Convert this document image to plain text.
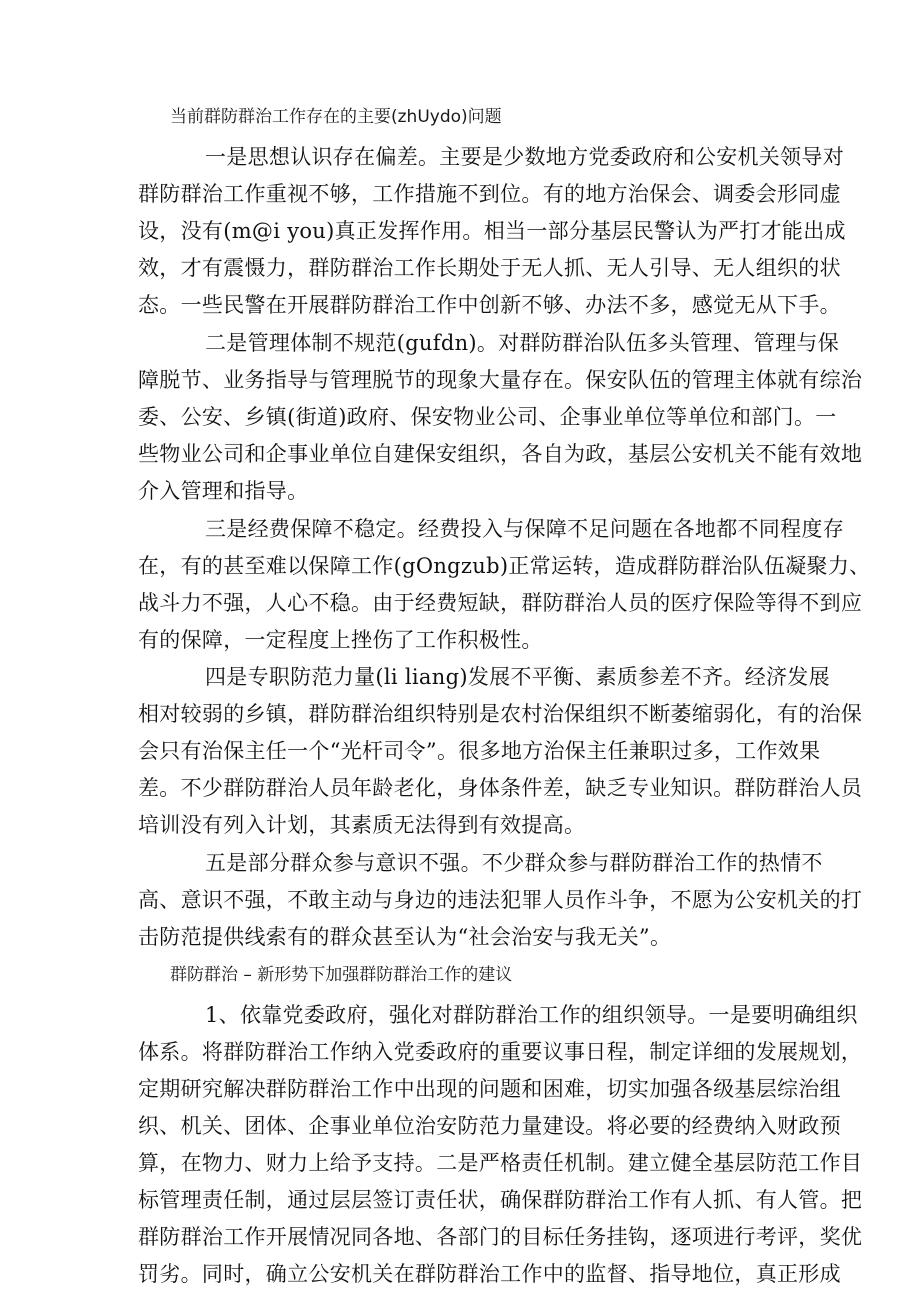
当前群防群治工作存在的主要(zhUydo)问题
一是思想认识存在偏差。主要是少数地方党委政府和公安机关领导对
群防群治工作重视不够，工作措施不到位。有的地方治保会、调委会形同虚
设，没有(m@i you)真正发挥作用。相当一部分基层民警认为严打才能出成
效，才有震慑力，群防群治工作长期处于无人抓、无人引导、无人组织的状
态。一些民警在开展群防群治工作中创新不够、办法不多，感觉无从下手。
二是管理体制不规范(gufdn)。对群防群治队伍多头管理、管理与保
障脱节、业务指导与管理脱节的现象大量存在。保安队伍的管理主体就有综治
委、公安、乡镇(街道)政府、保安物业公司、企事业单位等单位和部门。一
些物业公司和企事业单位自建保安组织，各自为政，基层公安机关不能有效地
介入管理和指导。
三是经费保障不稳定。经费投入与保障不足问题在各地都不同程度存
在，有的甚至难以保障工作(gOngzub)正常运转，造成群防群治队伍凝聚力、
战斗力不强，人心不稳。由于经费短缺，群防群治人员的医疗保险等得不到应
有的保障，一定程度上挫伤了工作积极性。
四是专职防范力量(li liang)发展不平衡、素质参差不齐。经济发展
相对较弱的乡镇，群防群治组织特别是农村治保组织不断萎缩弱化，有的治保
会只有治保主任一个“光杆司令”。很多地方治保主任兼职过多，工作效果
差。不少群防群治人员年龄老化，身体条件差，缺乏专业知识。群防群治人员
培训没有列入计划，其素质无法得到有效提高。
五是部分群众参与意识不强。不少群众参与群防群治工作的热情不
高、意识不强，不敢主动与身边的违法犯罪人员作斗争，不愿为公安机关的打
击防范提供线索有的群众甚至认为“社会治安与我无关”。
群防群治 – 新形势下加强群防群治工作的建议
1、依靠党委政府，强化对群防群治工作的组织领导。一是要明确组织
体系。将群防群治工作纳入党委政府的重要议事日程，制定详细的发展规划，
定期研究解决群防群治工作中出现的问题和困难，切实加强各级基层综治组
织、机关、团体、企事业单位治安防范力量建设。将必要的经费纳入财政预
算，在物力、财力上给予支持。二是严格责任机制。建立健全基层防范工作目
标管理责任制，通过层层签订责任状，确保群防群治工作有人抓、有人管。把
群防群治工作开展情况同各地、各部门的目标任务挂钩，逐项进行考评，奖优
罚劣。同时，确立公安机关在群防群治工作中的监督、指导地位，真正形成
